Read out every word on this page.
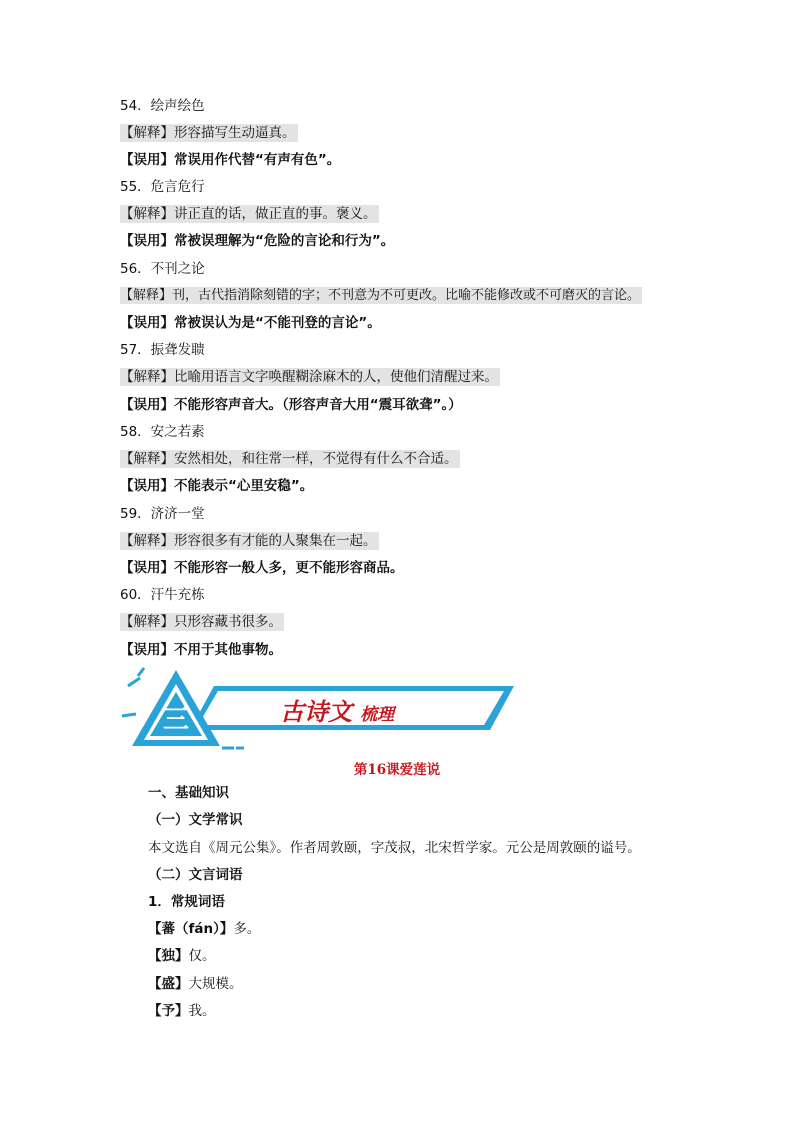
54．绘声绘色
【解释】形容描写生动逼真。
【误用】常误用作代替“有声有色”。
55．危言危行
【解释】讲正直的话，做正直的事。褒义。
【误用】常被误理解为“危险的言论和行为”。
56．不刊之论
【解释】刊，古代指消除刻错的字；不刊意为不可更改。比喻不能修改或不可磨灭的言论。
【误用】常被误认为是“不能刊登的言论”。
57．振聋发聩
【解释】比喻用语言文字唤醒糊涂麻木的人，使他们清醒过来。
【误用】不能形容声音大。（形容声音大用“震耳欲聋”。）
58．安之若素
【解释】安然相处，和往常一样，不觉得有什么不合适。
【误用】不能表示“心里安稳”。
59．济济一堂
【解释】形容很多有才能的人聚集在一起。
【误用】不能形容一般人多，更不能形容商品。
60．汗牛充栋
【解释】只形容藏书很多。
【误用】不用于其他事物。
三	古诗文 梳理
第16课爱莲说
一、基础知识
（一）文学常识
本文选自《周元公集》。作者周敦颐，字茂叔，北宋哲学家。元公是周敦颐的谥号。
（二）文言词语
1．常规词语
【蕃（fán）】多。
【独】仅。
【盛】大规模。
【予】我。
